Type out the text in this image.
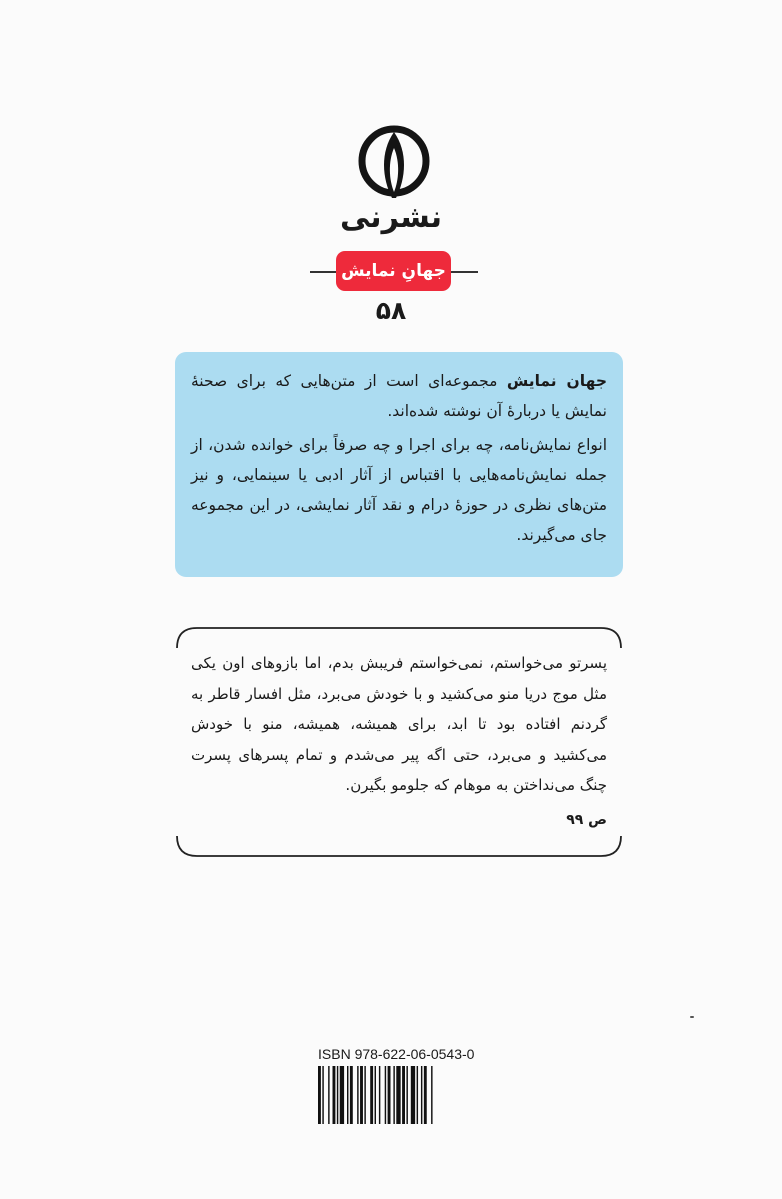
نشرنی
جهانِ نمایش
۵۸

جهان نمایش مجموعه‌ای است از متن‌هایی که برای صحنهٔ نمایش یا دربارهٔ آن نوشته شده‌اند.

انواع نمایش‌نامه، چه برای اجرا و چه صرفاً برای خوانده شدن، از جمله نمایش‌نامه‌هایی با اقتباس از آثار ادبی یا سینمایی، و نیز متن‌های نظری در حوزهٔ درام و نقد آثار نمایشی، در این مجموعه جای می‌گیرند.

پسرتو می‌خواستم، نمی‌خواستم فریبش بدم، اما بازوهای اون یکی مثل موج دریا منو می‌کشید و با خودش می‌برد، مثل افسار قاطر به گردنم افتاده بود تا ابد، برای همیشه، همیشه، منو با خودش می‌کشید و می‌برد، حتی اگه پیر می‌شدم و تمام پسرهای پسرت چنگ می‌نداختن به موهام که جلومو بگیرن.

ص ۹۹
ISBN 978-622-06-0543-0
